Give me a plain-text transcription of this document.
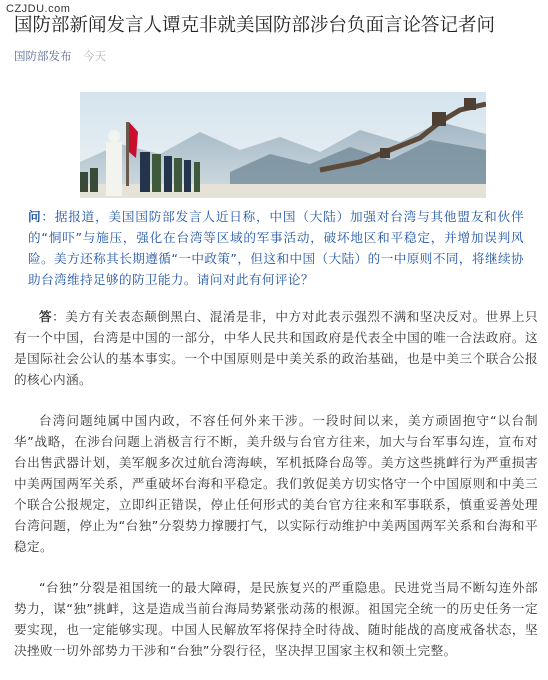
CZJDU.com
国防部新闻发言人谭克非就美国防部涉台负面言论答记者问
国防部发布 今天

问：据报道，美国国防部发言人近日称，中国（大陆）加强对台湾与其他盟友和伙伴的“恫吓”与施压，强化在台湾等区域的军事活动，破坏地区和平稳定，并增加误判风险。美方还称其长期遵循“一中政策”，但这和中国（大陆）的一中原则不同，将继续协助台湾维持足够的防卫能力。请问对此有何评论？

答：美方有关表态颠倒黑白、混淆是非，中方对此表示强烈不满和坚决反对。世界上只有一个中国，台湾是中国的一部分，中华人民共和国政府是代表全中国的唯一合法政府。这是国际社会公认的基本事实。一个中国原则是中美关系的政治基础，也是中美三个联合公报的核心内涵。

台湾问题纯属中国内政，不容任何外来干涉。一段时间以来，美方顽固抱守“以台制华”战略，在涉台问题上消极言行不断，美升级与台官方往来，加大与台军事勾连，宣布对台出售武器计划，美军舰多次过航台湾海峡，军机抵降台岛等。美方这些挑衅行为严重损害中美两国两军关系，严重破坏台海和平稳定。我们敦促美方切实恪守一个中国原则和中美三个联合公报规定，立即纠正错误，停止任何形式的美台官方往来和军事联系，慎重妥善处理台湾问题，停止为“台独”分裂势力撑腰打气，以实际行动维护中美两国两军关系和台海和平稳定。

“台独”分裂是祖国统一的最大障碍，是民族复兴的严重隐患。民进党当局不断勾连外部势力，谋“独”挑衅，这是造成当前台海局势紧张动荡的根源。祖国完全统一的历史任务一定要实现，也一定能够实现。中国人民解放军将保持全时待战、随时能战的高度戒备状态，坚决挫败一切外部势力干涉和“台独”分裂行径，坚决捍卫国家主权和领土完整。
